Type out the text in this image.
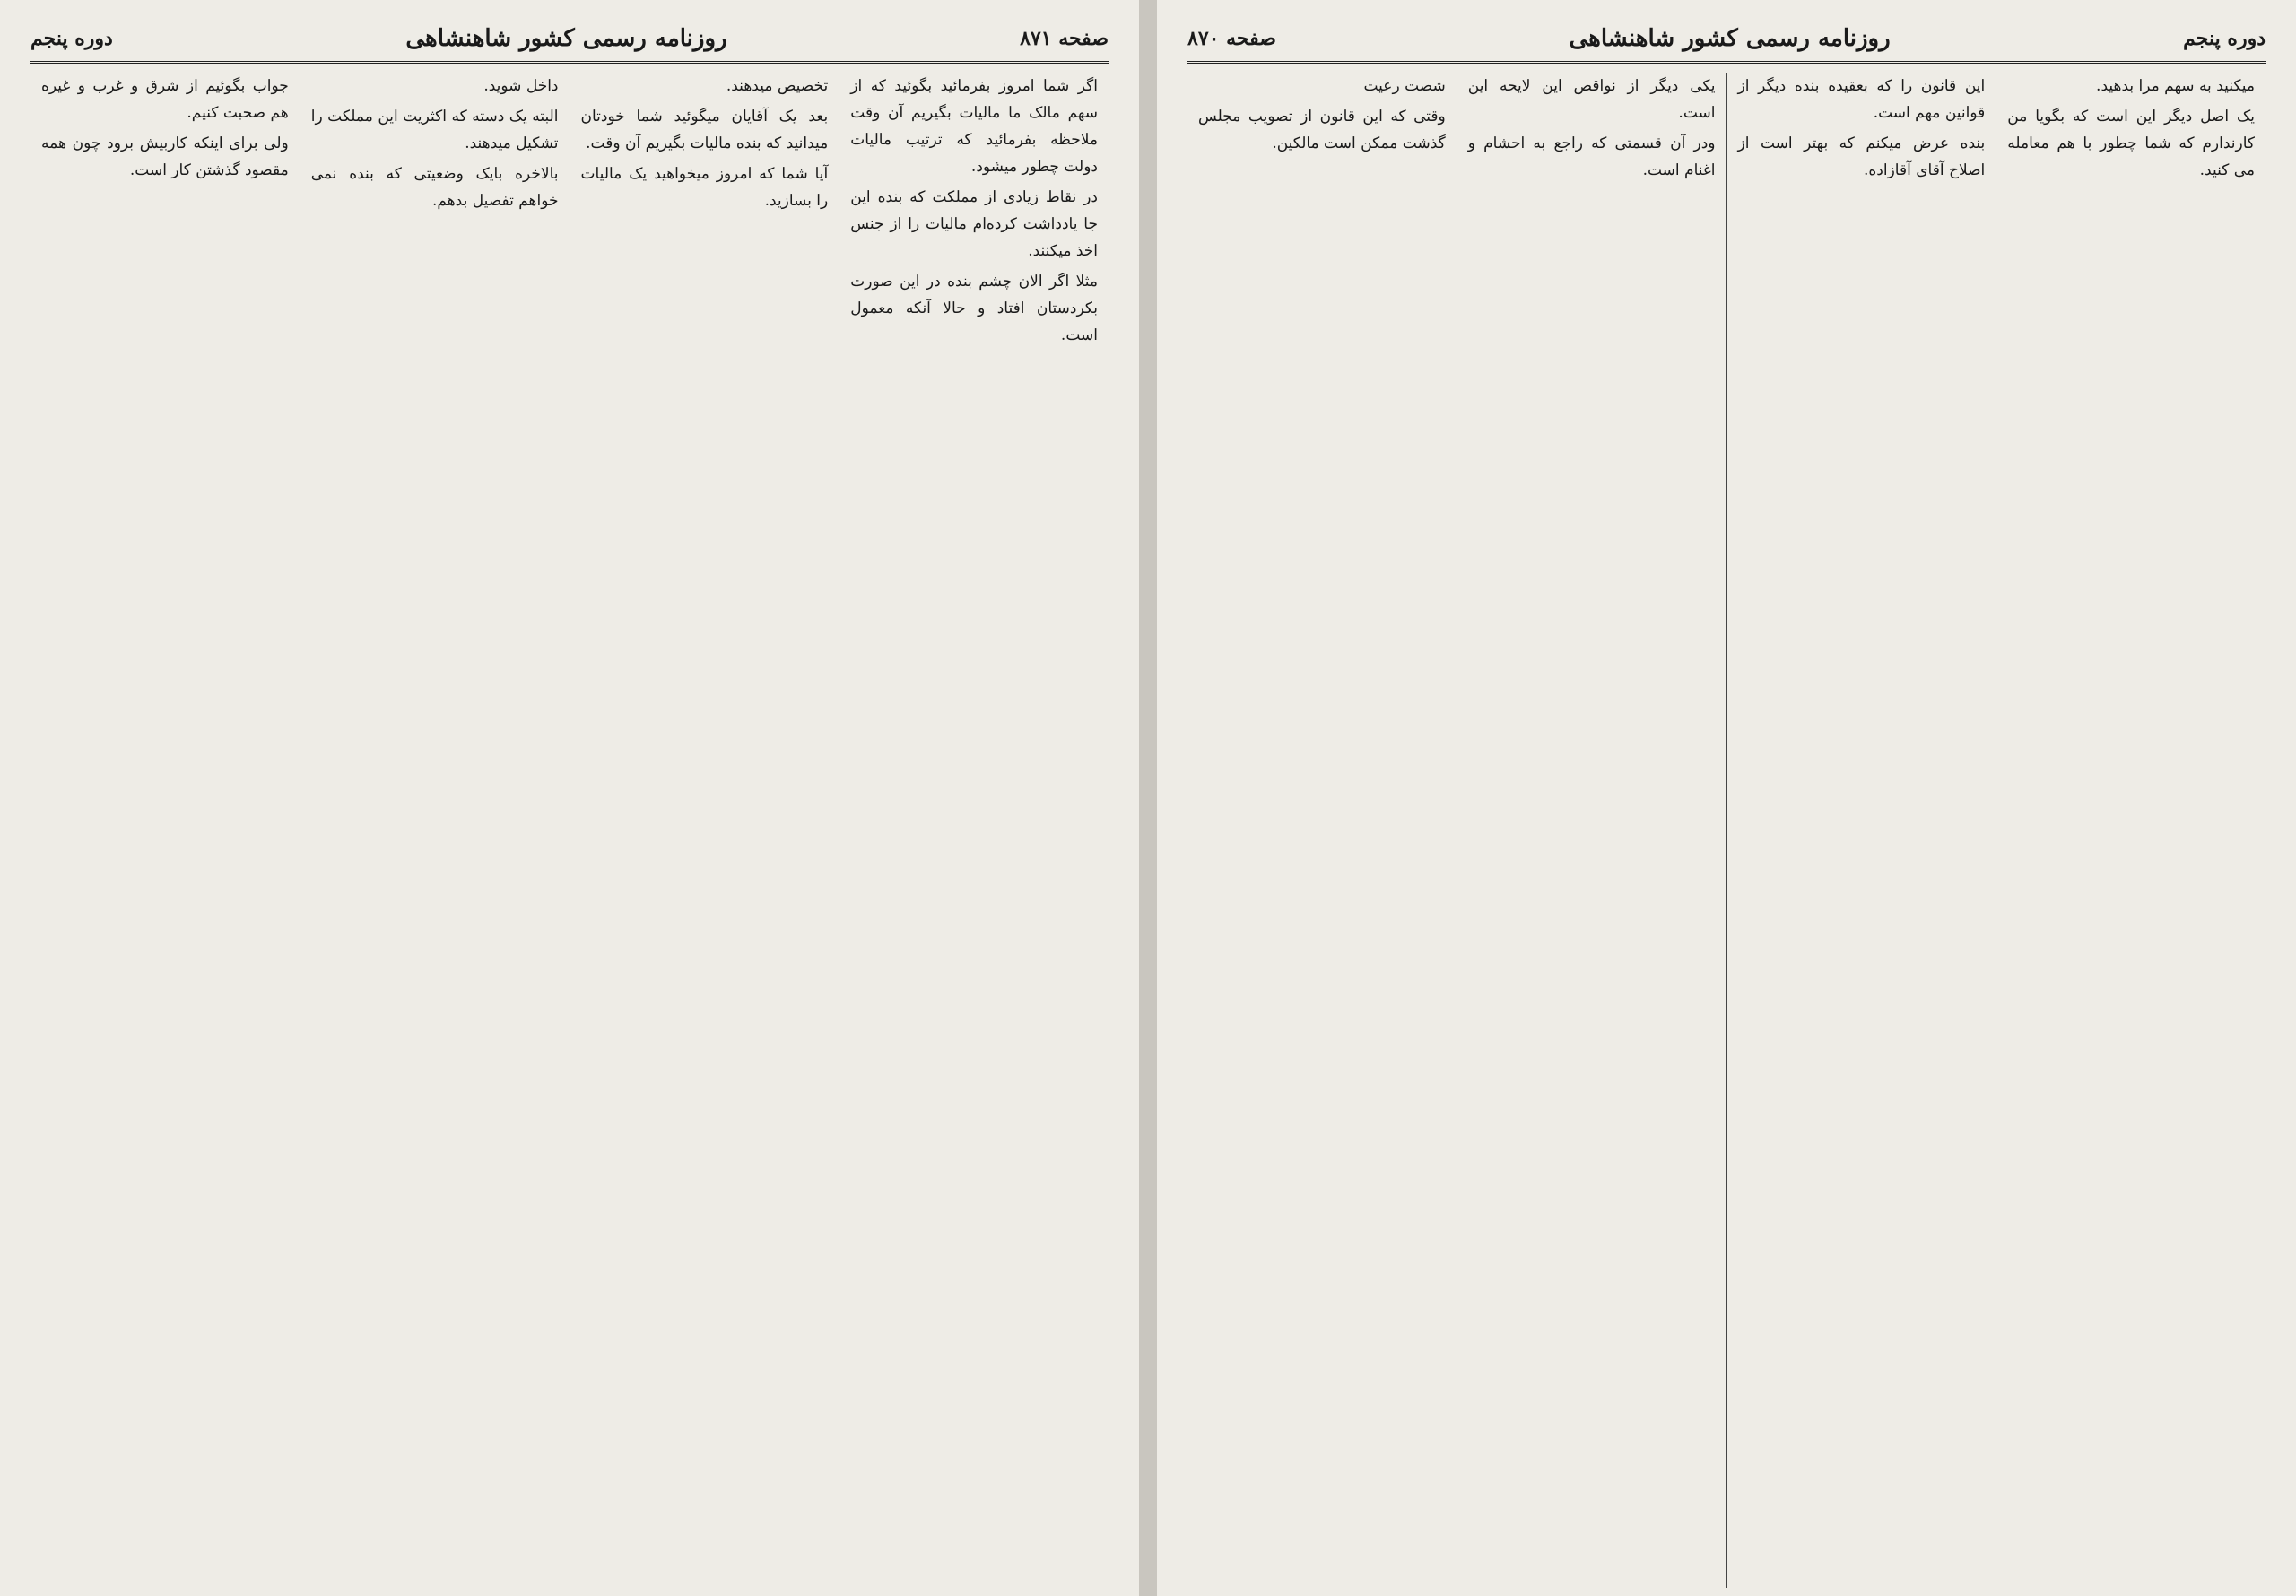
صفحه ۸۷۱
روزنامه رسمی کشور شاهنشاهی
دوره پنجم
اگر شما امروز بفرمائید بگوئید که از سهم مالک ما مالیات بگیریم آن وقت ملاحظه بفرمائید که ترتیب مالیات دولت چطور میشود.
در نقاط زیادی از مملکت که بنده این جا یادداشت کرده‌ام مالیات را از جنس اخذ میکنند.
مثلا اگر الان چشم بنده در این صورت بکردستان افتاد و حالا آنکه معمول است.
تخصیص میدهند.
بعد یک آقایان میگوئید شما خودتان میدانید که بنده مالیات بگیریم آن وقت.
آیا شما که امروز میخواهید یک مالیات را بسازید.
داخل شوید.
البته یک دسته که اکثریت این مملکت را تشکیل میدهند.
بالاخره بایک وضعیتی که بنده نمی خواهم تفصیل بدهم.
جواب بگوئیم از شرق و غرب و غیره هم صحبت کنیم.
ولی برای اینکه کاربیش برود چون همه مقصود گذشتن کار است.
دوره پنجم
روزنامه رسمی کشور شاهنشاهی
صفحه ۸۷۰
میکنید به سهم مرا بدهید.
یک اصل دیگر این است که بگویا من کارندارم که شما چطور با هم معامله می کنید.
این قانون را که بعقیده بنده دیگر از قوانین مهم است.
بنده عرض میکنم که بهتر است از اصلاح آقای آقازاده.
یکی دیگر از نواقص این لایحه این است.
ودر آن قسمتی که راجع به احشام و اغنام است.
شصت رعیت
وقتی که این قانون از تصویب مجلس گذشت ممکن است مالکین.
